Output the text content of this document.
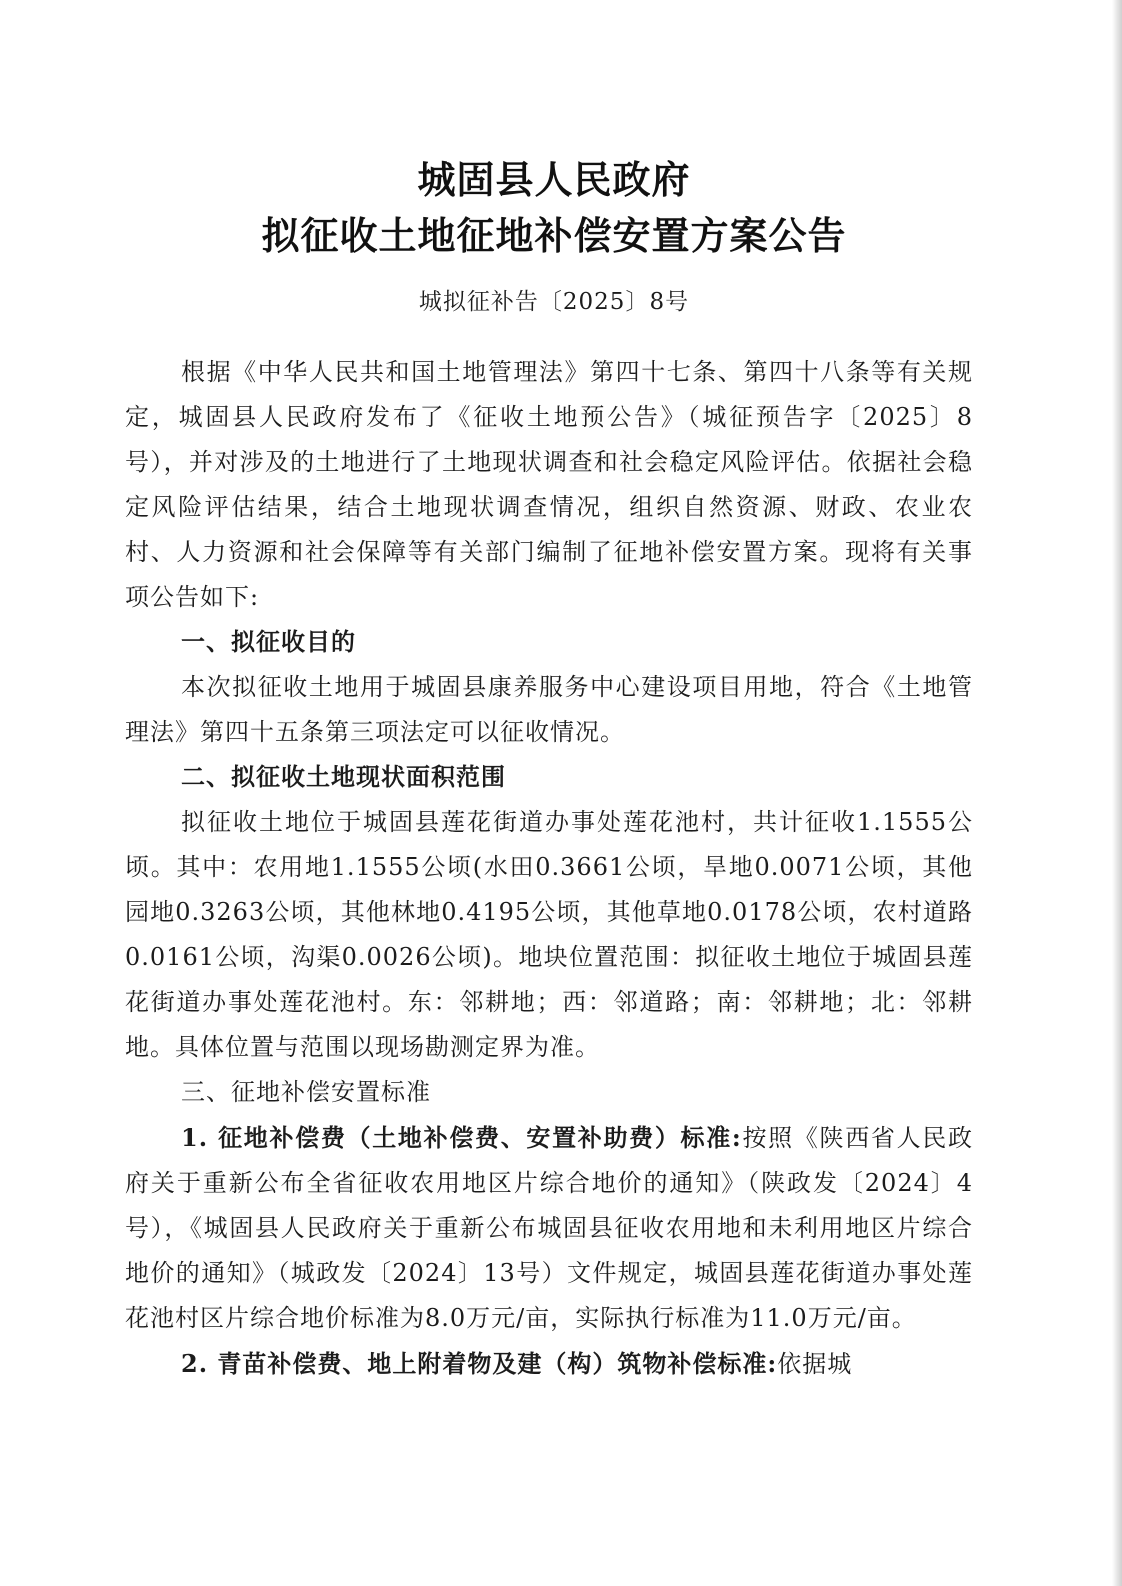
城固县人民政府
拟征收土地征地补偿安置方案公告
城拟征补告〔2025〕8号

根据《中华人民共和国土地管理法》第四十七条、第四十八条等有关规定，城固县人民政府发布了《征收土地预公告》（城征预告字〔2025〕8号），并对涉及的土地进行了土地现状调查和社会稳定风险评估。依据社会稳定风险评估结果，结合土地现状调查情况，组织自然资源、财政、农业农村、人力资源和社会保障等有关部门编制了征地补偿安置方案。现将有关事项公告如下:

一、拟征收目的

本次拟征收土地用于城固县康养服务中心建设项目用地，符合《土地管理法》第四十五条第三项法定可以征收情况。

二、拟征收土地现状面积范围

拟征收土地位于城固县莲花街道办事处莲花池村，共计征收1.1555公顷。其中：农用地1.1555公顷(水田0.3661公顷，旱地0.0071公顷，其他园地0.3263公顷，其他林地0.4195公顷，其他草地0.0178公顷，农村道路0.0161公顷，沟渠0.0026公顷)。地块位置范围：拟征收土地位于城固县莲花街道办事处莲花池村。东：邻耕地；西：邻道路；南：邻耕地；北：邻耕地。具体位置与范围以现场勘测定界为准。

三、征地补偿安置标准

1. 征地补偿费（土地补偿费、安置补助费）标准:按照《陕西省人民政府关于重新公布全省征收农用地区片综合地价的通知》（陕政发〔2024〕4号），《城固县人民政府关于重新公布城固县征收农用地和未利用地区片综合地价的通知》（城政发〔2024〕13号）文件规定，城固县莲花街道办事处莲花池村区片综合地价标准为8.0万元/亩，实际执行标准为11.0万元/亩。

2. 青苗补偿费、地上附着物及建（构）筑物补偿标准:依据城
